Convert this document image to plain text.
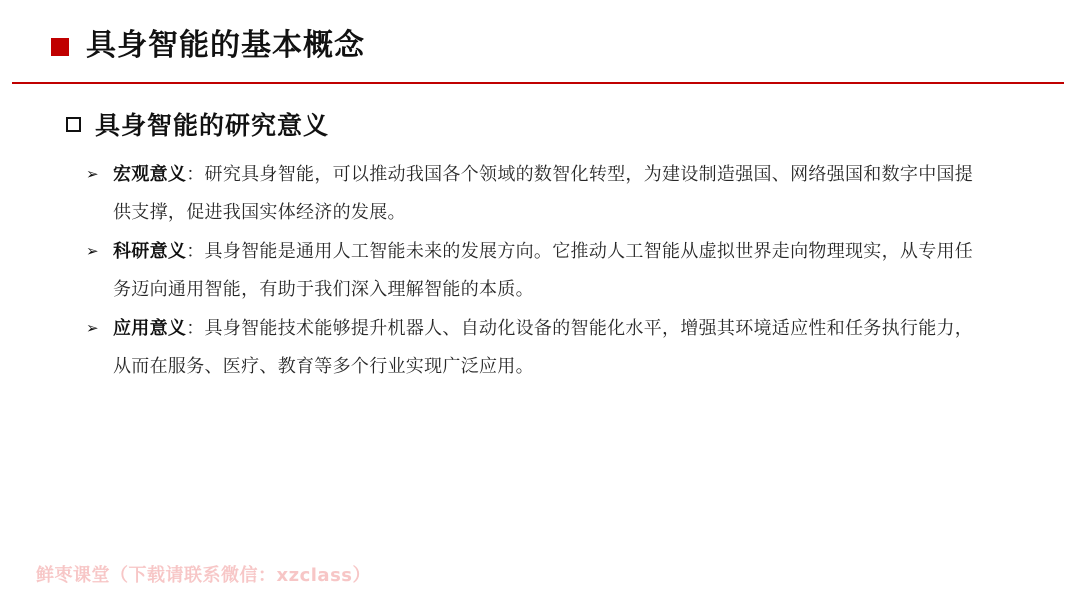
具身智能的基本概念
具身智能的研究意义
➢ 宏观意义：研究具身智能，可以推动我国各个领域的数智化转型，为建设制造强国、网络强国和数字中国提供支撑，促进我国实体经济的发展。
➢ 科研意义：具身智能是通用人工智能未来的发展方向。它推动人工智能从虚拟世界走向物理现实，从专用任务迈向通用智能，有助于我们深入理解智能的本质。
➢ 应用意义：具身智能技术能够提升机器人、自动化设备的智能化水平，增强其环境适应性和任务执行能力，从而在服务、医疗、教育等多个行业实现广泛应用。
鲜枣课堂（下载请联系微信：xzclass）
